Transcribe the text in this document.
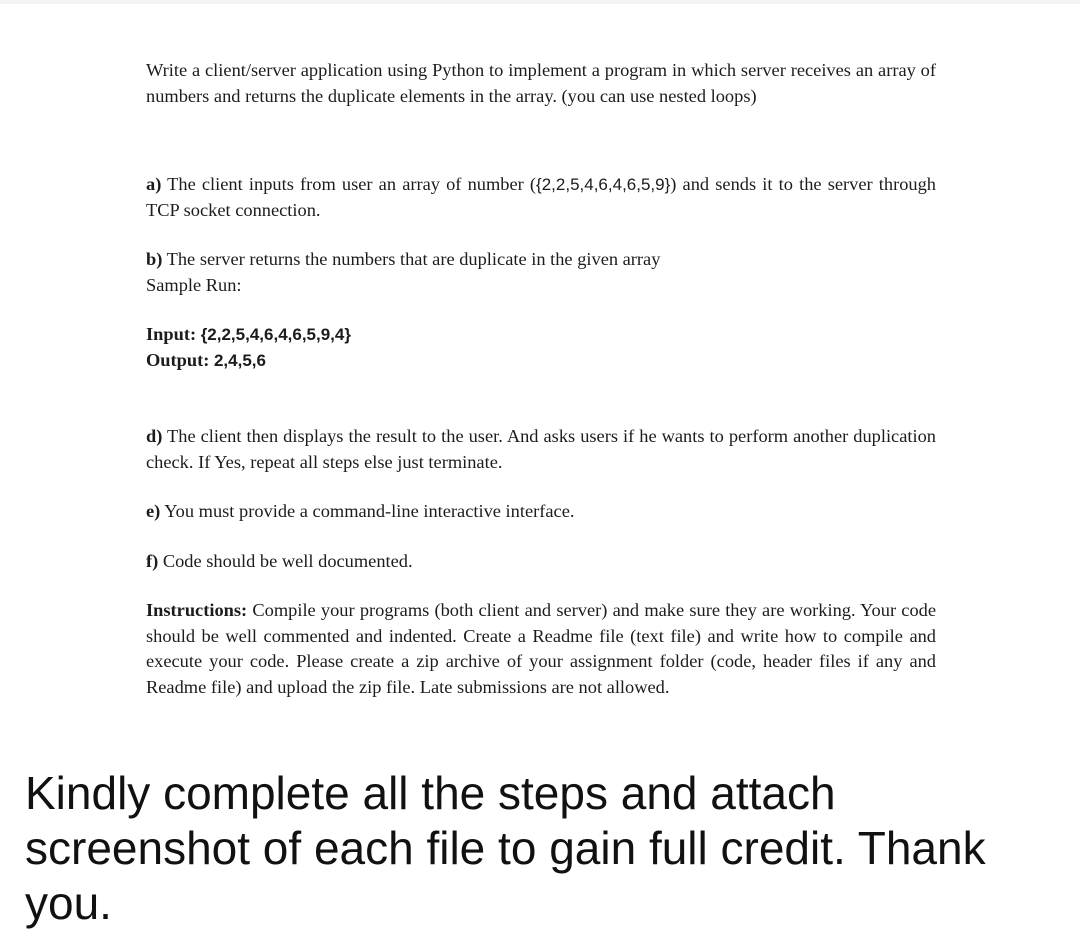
Write a client/server application using Python to implement a program in which server receives an array of numbers and returns the duplicate elements in the array. (you can use nested loops)

a) The client inputs from user an array of number ({2,2,5,4,6,4,6,5,9}) and sends it to the server through TCP socket connection.

b) The server returns the numbers that are duplicate in the given array

Sample Run:

Input: {2,2,5,4,6,4,6,5,9,4}

Output: 2,4,5,6

d) The client then displays the result to the user. And asks users if he wants to perform another duplication check. If Yes, repeat all steps else just terminate.

e) You must provide a command-line interactive interface.

f) Code should be well documented.

Instructions: Compile your programs (both client and server) and make sure they are working. Your code should be well commented and indented. Create a Readme file (text file) and write how to compile and execute your code. Please create a zip archive of your assignment folder (code, header files if any and Readme file) and upload the zip file. Late submissions are not allowed.

Kindly complete all the steps and attach screenshot of each file to gain full credit. Thank you.
